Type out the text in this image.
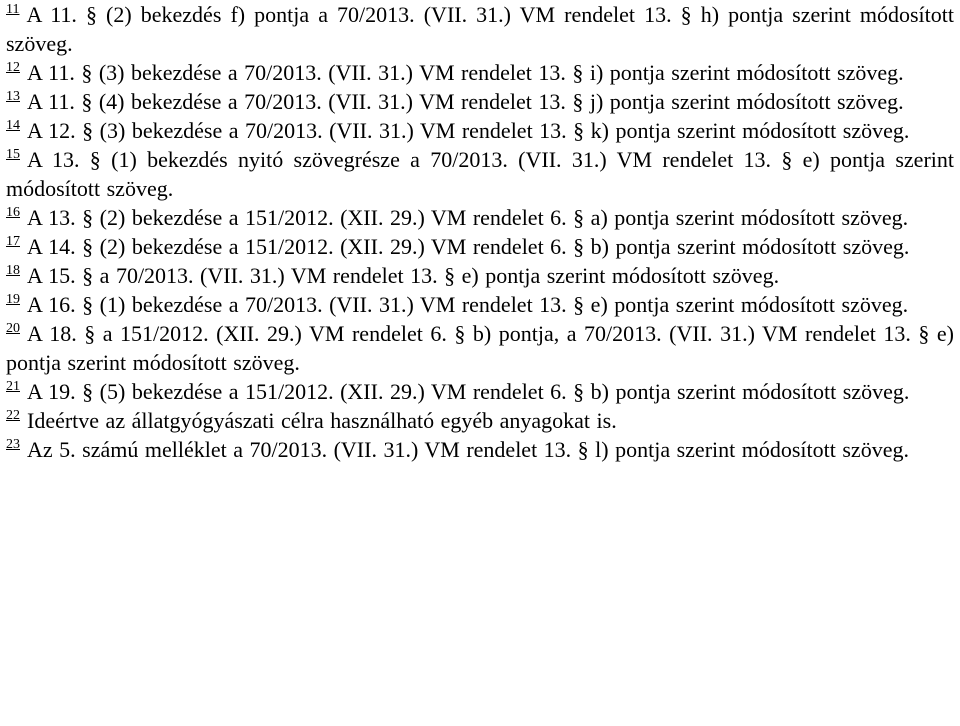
$^{11}$ A 11. § (2) bekezdés f) pontja a 70/2013. (VII. 31.) VM rendelet 13. § h) pontja szerint módosított szöveg.

$^{12}$ A 11. § (3) bekezdése a 70/2013. (VII. 31.) VM rendelet 13. § i) pontja szerint módosított szöveg.

$^{13}$ A 11. § (4) bekezdése a 70/2013. (VII. 31.) VM rendelet 13. § j) pontja szerint módosított szöveg.

$^{14}$ A 12. § (3) bekezdése a 70/2013. (VII. 31.) VM rendelet 13. § k) pontja szerint módosított szöveg.

$^{15}$ A 13. § (1) bekezdés nyitó szövegrésze a 70/2013. (VII. 31.) VM rendelet 13. § e) pontja szerint módosított szöveg.

$^{16}$ A 13. § (2) bekezdése a 151/2012. (XII. 29.) VM rendelet 6. § a) pontja szerint módosított szöveg.

$^{17}$ A 14. § (2) bekezdése a 151/2012. (XII. 29.) VM rendelet 6. § b) pontja szerint módosított szöveg.

$^{18}$ A 15. § a 70/2013. (VII. 31.) VM rendelet 13. § e) pontja szerint módosított szöveg.

$^{19}$ A 16. § (1) bekezdése a 70/2013. (VII. 31.) VM rendelet 13. § e) pontja szerint módosított szöveg.

$^{20}$ A 18. § a 151/2012. (XII. 29.) VM rendelet 6. § b) pontja, a 70/2013. (VII. 31.) VM rendelet 13. § e) pontja szerint módosított szöveg.

$^{21}$ A 19. § (5) bekezdése a 151/2012. (XII. 29.) VM rendelet 6. § b) pontja szerint módosított szöveg.

$^{22}$ Ideértve az állatgyógyászati célra használható egyéb anyagokat is.

$^{23}$ Az 5. számú melléklet a 70/2013. (VII. 31.) VM rendelet 13. § l) pontja szerint módosított szöveg.
